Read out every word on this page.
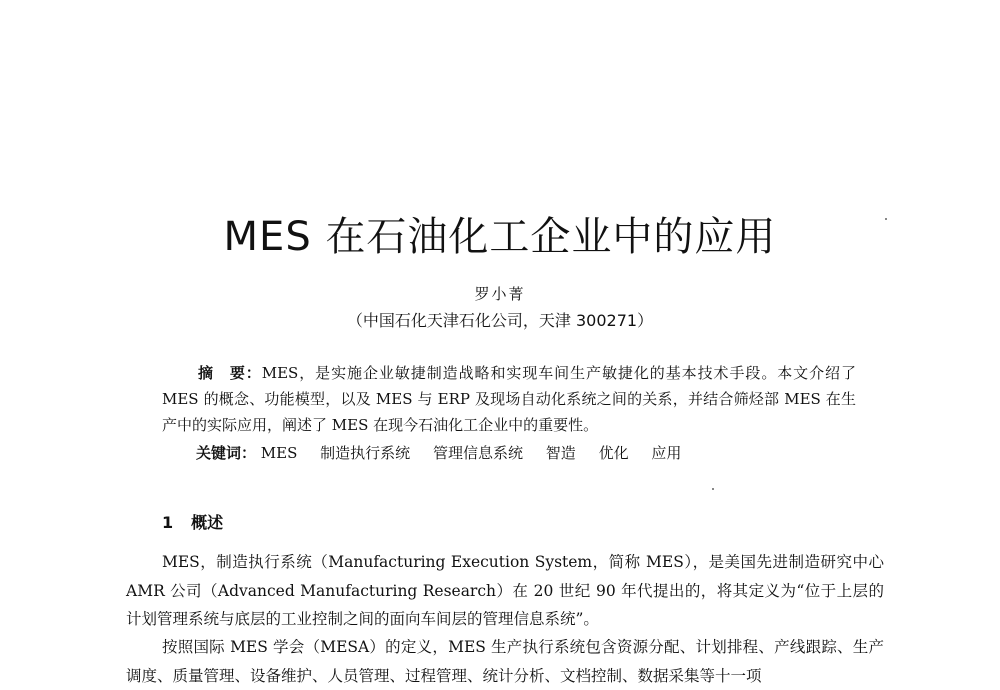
MES 在石油化工企业中的应用
罗小菁
（中国石化天津石化公司，天津 300271）
摘　要：MES，是实施企业敏捷制造战略和实现车间生产敏捷化的基本技术手段。本文介绍了 MES 的概念、功能模型，以及 MES 与 ERP 及现场自动化系统之间的关系，并结合筛烃部 MES 在生产中的实际应用，阐述了 MES 在现今石油化工企业中的重要性。
关键词： MES 制造执行系统 管理信息系统 智造 优化 应用
1 概述
MES，制造执行系统（Manufacturing Execution System，简称 MES），是美国先进制造研究中心 AMR 公司（Advanced Manufacturing Research）在 20 世纪 90 年代提出的，将其定义为“位于上层的计划管理系统与底层的工业控制之间的面向车间层的管理信息系统”。
按照国际 MES 学会（MESA）的定义，MES 生产执行系统包含资源分配、计划排程、产线跟踪、生产调度、质量管理、设备维护、人员管理、过程管理、统计分析、文档控制、数据采集等十一项
